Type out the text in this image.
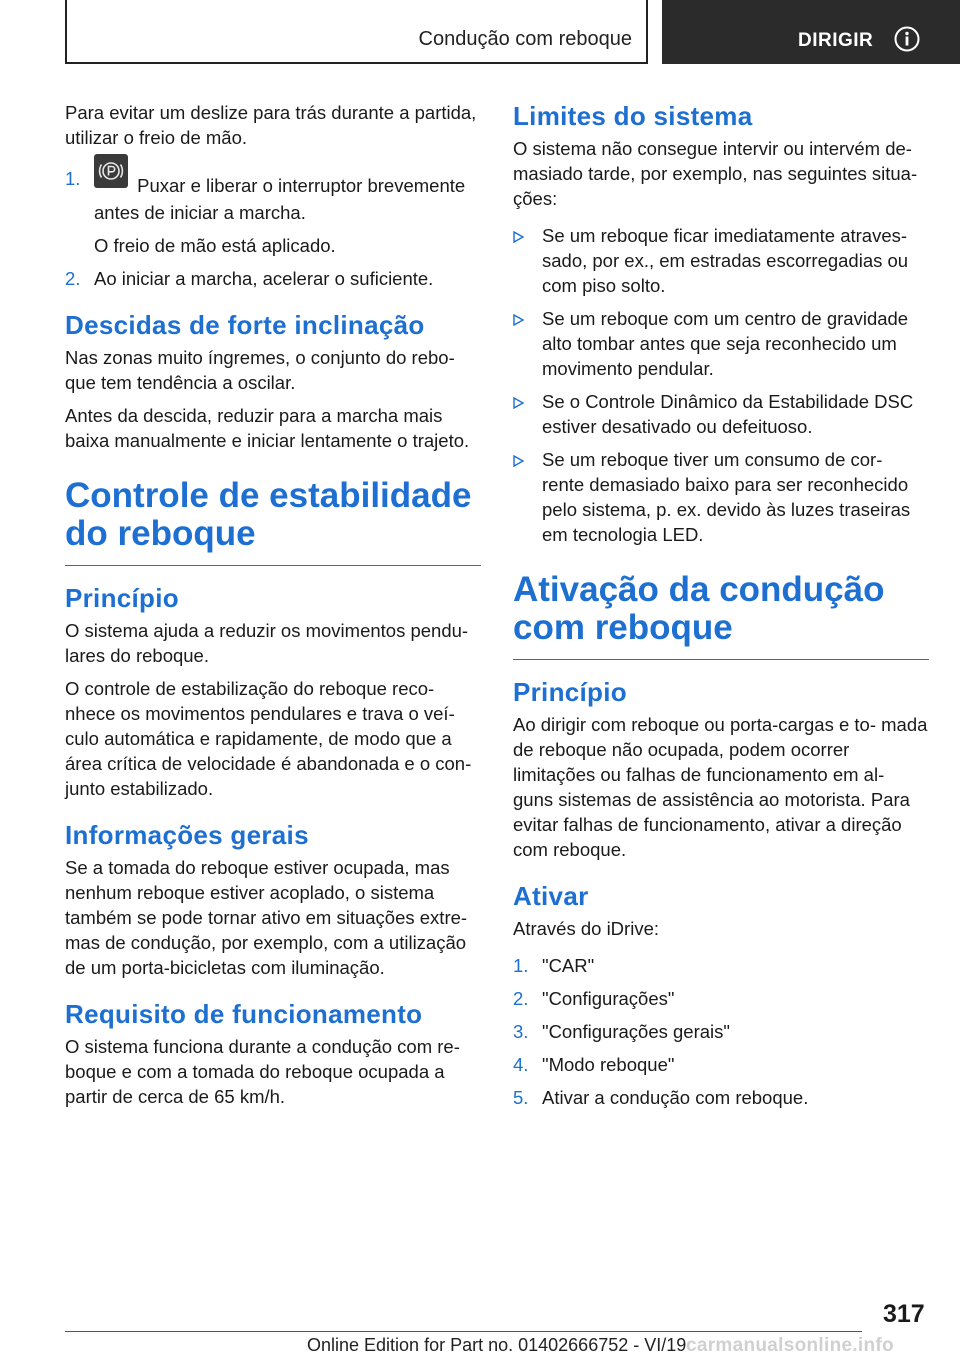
Condução com reboque	DIRIGIR

Para evitar um deslize para trás durante a partida, utilizar o freio de mão.

1.	Puxar e liberar o interruptor brevemente antes de iniciar a marcha.
O freio de mão está aplicado.
2. Ao iniciar a marcha, acelerar o suficiente.
Descidas de forte inclinação

Nas zonas muito íngremes, o conjunto do rebo‐ que tem tendência a oscilar.

Antes da descida, reduzir para a marcha mais baixa manualmente e iniciar lentamente o trajeto.

Controle de estabilidade do reboque
Princípio

O sistema ajuda a reduzir os movimentos pendu‐ lares do reboque.

O controle de estabilização do reboque reco‐ nhece os movimentos pendulares e trava o veí‐ culo automática e rapidamente, de modo que a área crítica de velocidade é abandonada e o con‐ junto estabilizado.

Informações gerais

Se a tomada do reboque estiver ocupada, mas nenhum reboque estiver acoplado, o sistema também se pode tornar ativo em situações extre‐ mas de condução, por exemplo, com a utilização de um porta-bicicletas com iluminação.

Requisito de funcionamento

O sistema funciona durante a condução com re‐ boque e com a tomada do reboque ocupada a partir de cerca de 65 km/h.

Limites do sistema

O sistema não consegue intervir ou intervém de‐ masiado tarde, por exemplo, nas seguintes situa‐ ções:

Se um reboque ficar imediatamente atraves‐ sado, por ex., em estradas escorregadias ou com piso solto.
Se um reboque com um centro de gravidade alto tombar antes que seja reconhecido um movimento pendular.
Se o Controle Dinâmico da Estabilidade DSC estiver desativado ou defeituoso.
Se um reboque tiver um consumo de cor‐ rente demasiado baixo para ser reconhecido pelo sistema, p. ex. devido às luzes traseiras em tecnologia LED.
Ativação da condução com reboque
Princípio

Ao dirigir com reboque ou porta-cargas e to‐ mada de reboque não ocupada, podem ocorrer limitações ou falhas de funcionamento em al‐ guns sistemas de assistência ao motorista. Para evitar falhas de funcionamento, ativar a direção com reboque.

Ativar

Através do iDrive:

1. "CAR"
2. "Configurações"
3. "Configurações gerais"
4. "Modo reboque"
5. Ativar a condução com reboque.
317
Online Edition for Part no. 01402666752 - VI/19 carmanualsonline.info
